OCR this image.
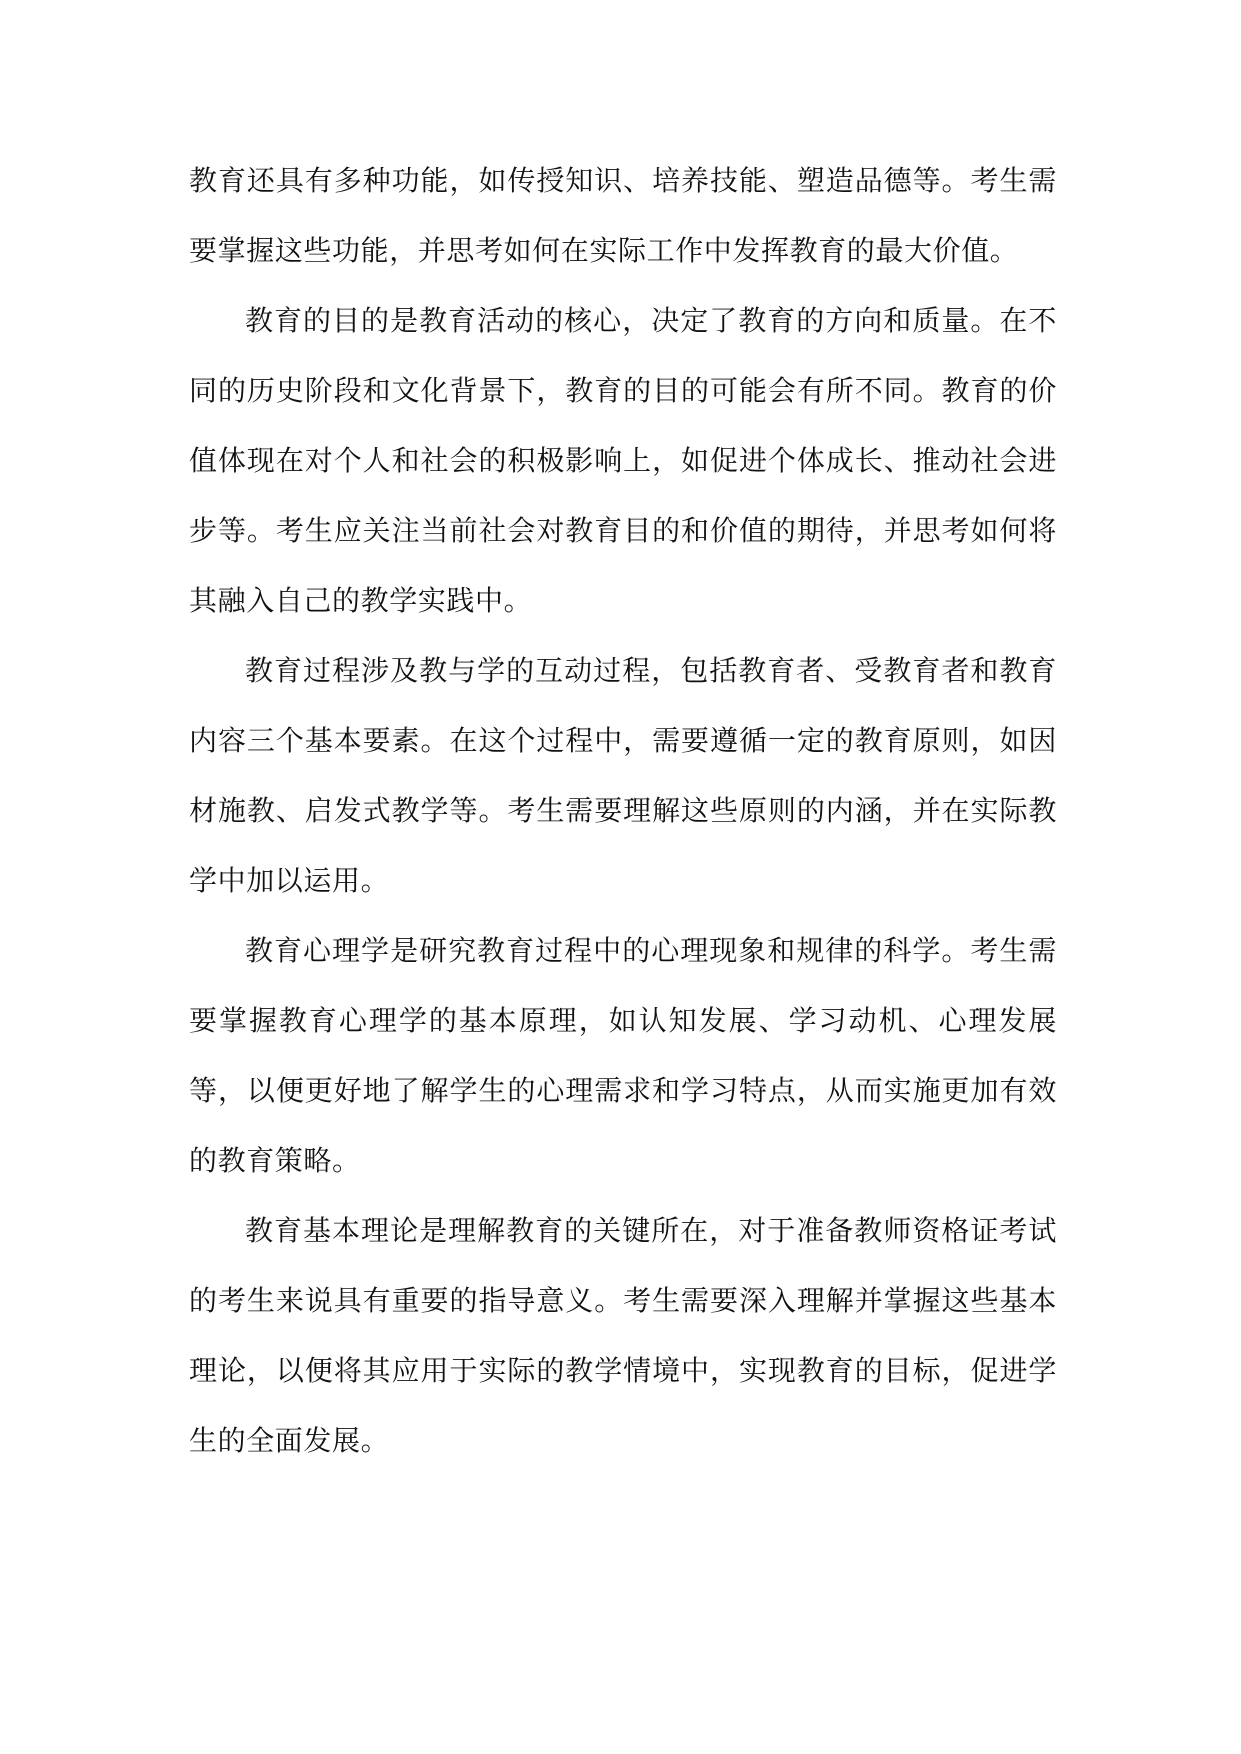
教育还具有多种功能，如传授知识、培养技能、塑造品德等。考生需要掌握这些功能，并思考如何在实际工作中发挥教育的最大价值。

教育的目的是教育活动的核心，决定了教育的方向和质量。在不同的历史阶段和文化背景下，教育的目的可能会有所不同。教育的价值体现在对个人和社会的积极影响上，如促进个体成长、推动社会进步等。考生应关注当前社会对教育目的和价值的期待，并思考如何将其融入自己的教学实践中。

教育过程涉及教与学的互动过程，包括教育者、受教育者和教育内容三个基本要素。在这个过程中，需要遵循一定的教育原则，如因材施教、启发式教学等。考生需要理解这些原则的内涵，并在实际教学中加以运用。

教育心理学是研究教育过程中的心理现象和规律的科学。考生需要掌握教育心理学的基本原理，如认知发展、学习动机、心理发展等，以便更好地了解学生的心理需求和学习特点，从而实施更加有效的教育策略。

教育基本理论是理解教育的关键所在，对于准备教师资格证考试的考生来说具有重要的指导意义。考生需要深入理解并掌握这些基本理论，以便将其应用于实际的教学情境中，实现教育的目标，促进学生的全面发展。
